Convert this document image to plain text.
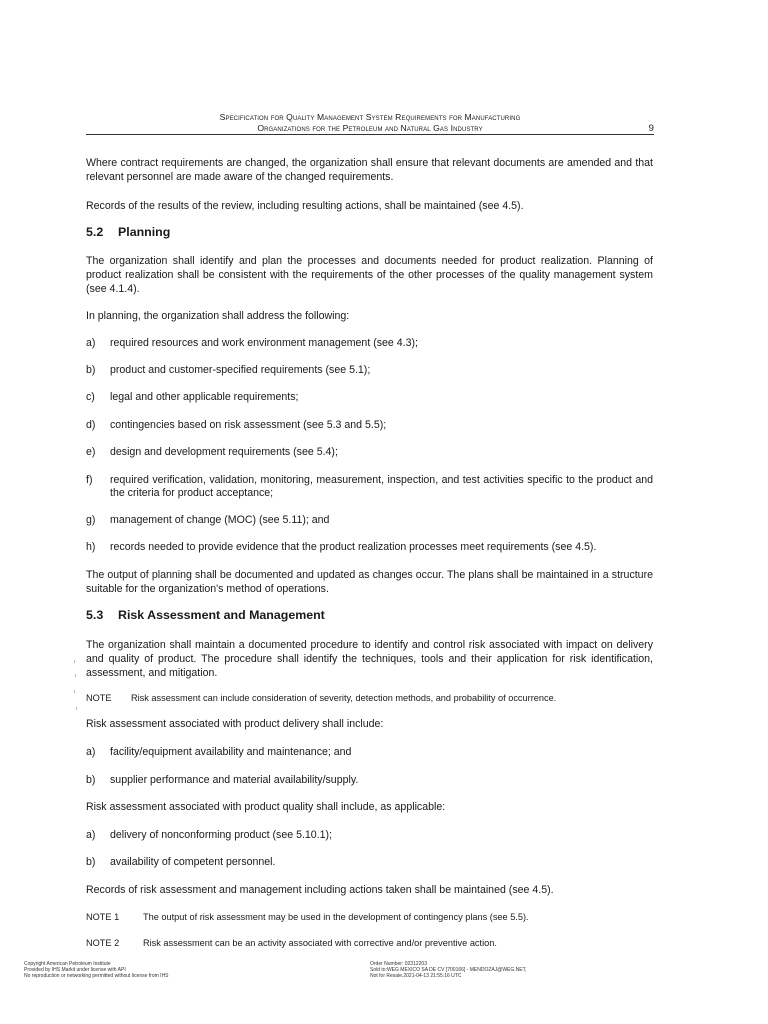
Specification for Quality Management System Requirements for Manufacturing
Organizations for the Petroleum and Natural Gas Industry	9
Where contract requirements are changed, the organization shall ensure that relevant documents are amended and that relevant personnel are made aware of the changed requirements.
Records of the results of the review, including resulting actions, shall be maintained (see 4.5).
5.2 Planning
The organization shall identify and plan the processes and documents needed for product realization. Planning of product realization shall be consistent with the requirements of the other processes of the quality management system (see 4.1.4).
In planning, the organization shall address the following:
a) required resources and work environment management (see 4.3);
b) product and customer-specified requirements (see 5.1);
c) legal and other applicable requirements;
d) contingencies based on risk assessment (see 5.3 and 5.5);
e) design and development requirements (see 5.4);
f) required verification, validation, monitoring, measurement, inspection, and test activities specific to the product and the criteria for product acceptance;
g) management of change (MOC) (see 5.11); and
h) records needed to provide evidence that the product realization processes meet requirements (see 4.5).
The output of planning shall be documented and updated as changes occur. The plans shall be maintained in a structure suitable for the organization's method of operations.
5.3 Risk Assessment and Management
The organization shall maintain a documented procedure to identify and control risk associated with impact on delivery and quality of product. The procedure shall identify the techniques, tools and their application for risk identification, assessment, and mitigation.
NOTE Risk assessment can include consideration of severity, detection methods, and probability of occurrence.
Risk assessment associated with product delivery shall include:
a) facility/equipment availability and maintenance; and
b) supplier performance and material availability/supply.
Risk assessment associated with product quality shall include, as applicable:
a) delivery of nonconforming product (see 5.10.1);
b) availability of competent personnel.
Records of risk assessment and management including actions taken shall be maintained (see 4.5).
NOTE 1	The output of risk assessment may be used in the development of contingency plans (see 5.5).
NOTE 2	Risk assessment can be an activity associated with corrective and/or preventive action.
Copyright American Petroleum Institute
Provided by IHS Markit under license with API
No reproduction or networking permitted without license from IHS
Order Number: 02312203
Sold to:WEG MEXICO SA DE CV [700166] - MENDOZAJ@WEG.NET,
Not for Resale,2021-04-13 21:55:16 UTC
